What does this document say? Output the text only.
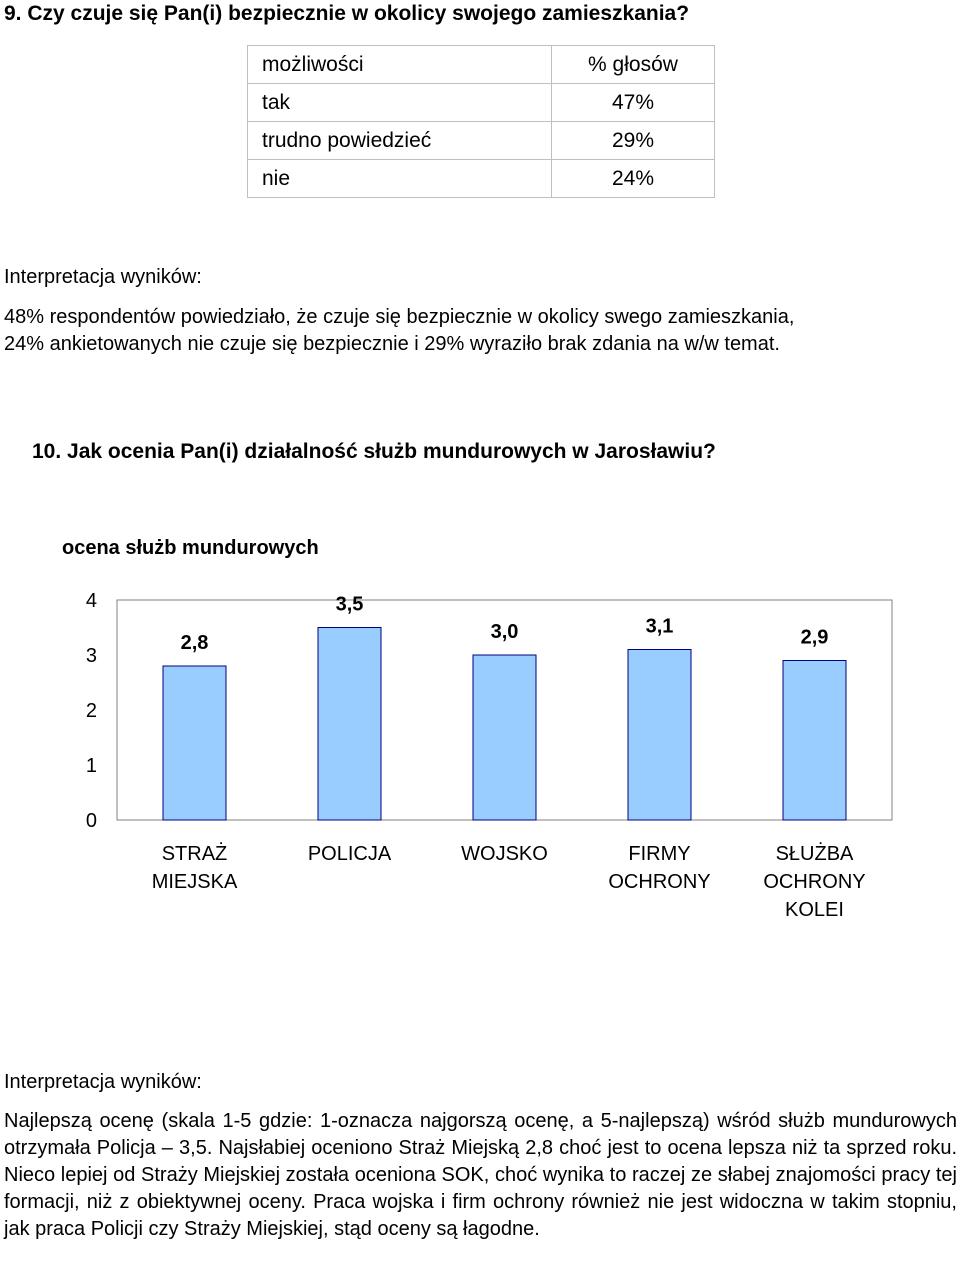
9. Czy czuje się Pan(i) bezpiecznie w okolicy swojego zamieszkania?
możliwości	% głosów
tak	47%
trudno powiedzieć	29%
nie	24%
Interpretacja wyników:
48% respondentów powiedziało, że czuje się bezpiecznie w okolicy swego zamieszkania,
24% ankietowanych nie czuje się bezpiecznie i 29% wyraziło brak zdania na w/w temat.
10. Jak ocenia Pan(i) działalność służb mundurowych w Jarosławiu?
ocena służb mundurowych
0
1
2
3
4
2,8
3,5
3,0	3,1	2,9
STRAŻ MIEJSKA
POLICJA	WOJSKO	FIRMY OCHRONY
SŁUŻBA OCHRONY KOLEI
Interpretacja wyników:
Najlepszą ocenę (skala 1-5 gdzie: 1-oznacza najgorszą ocenę, a 5-najlepszą) wśród służb mundurowych otrzymała Policja – 3,5. Najsłabiej oceniono Straż Miejską 2,8 choć jest to ocena lepsza niż ta sprzed roku. Nieco lepiej od Straży Miejskiej została oceniona SOK, choć wynika to raczej ze słabej znajomości pracy tej formacji, niż z obiektywnej oceny. Praca wojska i firm ochrony również nie jest widoczna w takim stopniu, jak praca Policji czy Straży Miejskiej, stąd oceny są łagodne.
